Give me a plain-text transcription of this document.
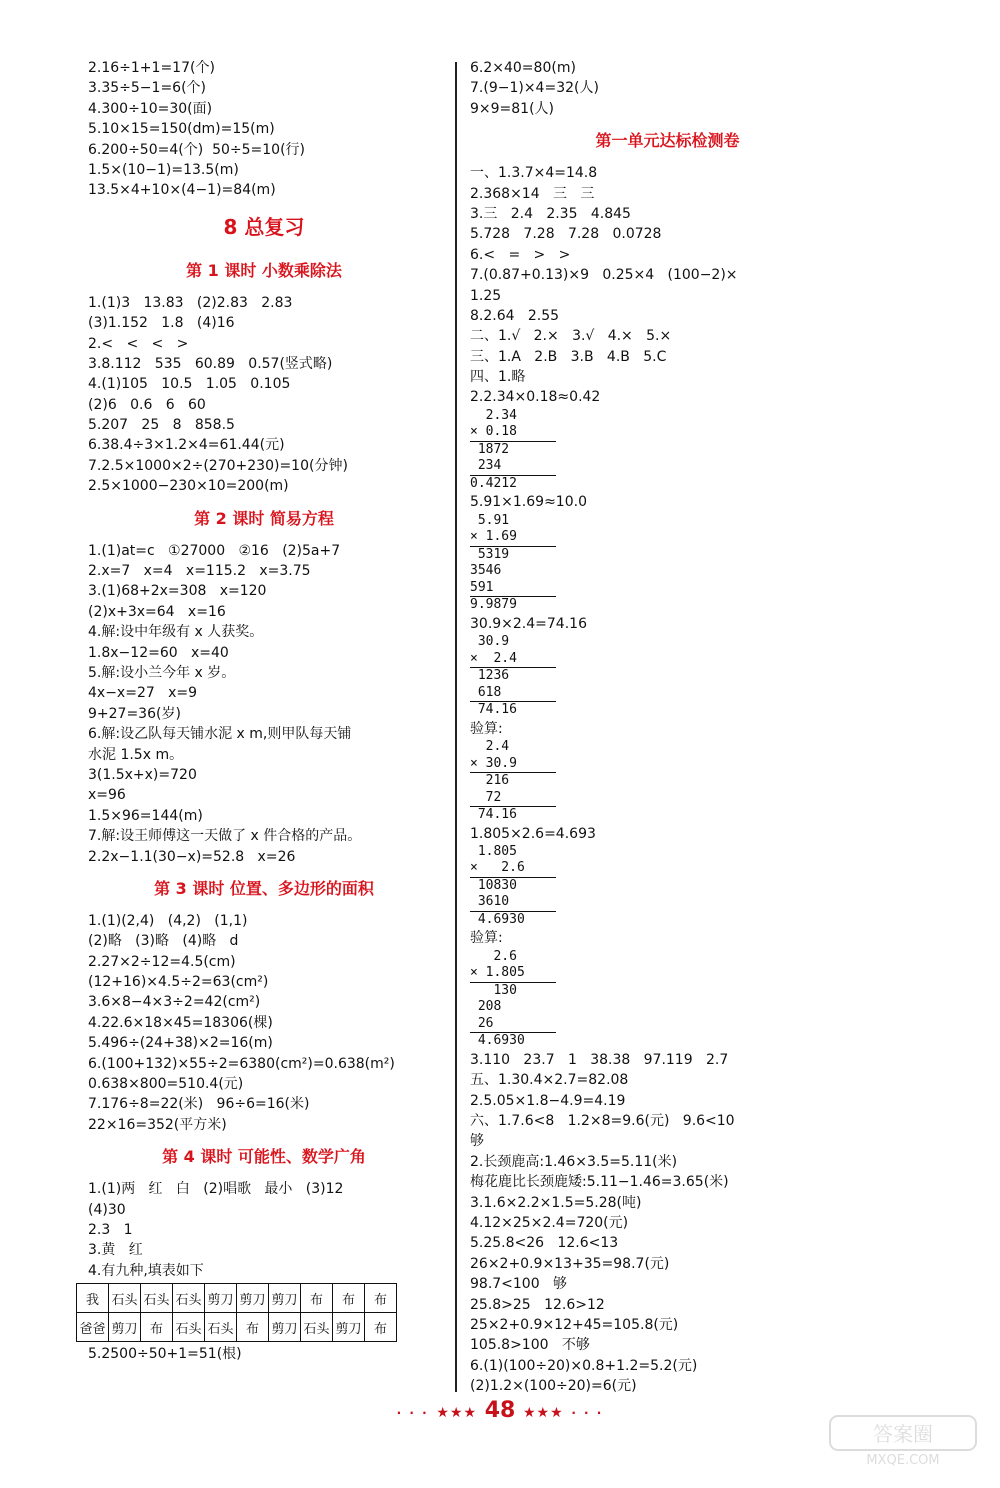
2.16÷1+1=17(个)
3.35÷5−1=6(个)
4.300÷10=30(面)
5.10×15=150(dm)=15(m)
6.200÷50=4(个)  50÷5=10(行)
1.5×(10−1)=13.5(m)
13.5×4+10×(4−1)=84(m)
8 总复习
第 1 课时 小数乘除法
1.(1)3   13.83   (2)2.83   2.83
(3)1.152   1.8   (4)16
2.<   <   <   >
3.8.112   535   60.89   0.57(竖式略)
4.(1)105   10.5   1.05   0.105
(2)6   0.6   6   60
5.207   25   8   858.5
6.38.4÷3×1.2×4=61.44(元)
7.2.5×1000×2÷(270+230)=10(分钟)
2.5×1000−230×10=200(m)
第 2 课时 简易方程
1.(1)at=c   ①27000   ②16   (2)5a+7
2.x=7   x=4   x=115.2   x=3.75
3.(1)68+2x=308   x=120
(2)x+3x=64   x=16
4.解:设中年级有 x 人获奖。
1.8x−12=60   x=40
5.解:设小兰今年 x 岁。
4x−x=27   x=9
9+27=36(岁)
6.解:设乙队每天铺水泥 x m,则甲队每天铺
水泥 1.5x m。
3(1.5x+x)=720
x=96
1.5×96=144(m)
7.解:设王师傅这一天做了 x 件合格的产品。
2.2x−1.1(30−x)=52.8   x=26
第 3 课时 位置、多边形的面积
1.(1)(2,4)   (4,2)   (1,1)
(2)略   (3)略   (4)略   d
2.27×2÷12=4.5(cm)
(12+16)×4.5÷2=63(cm²)
3.6×8−4×3÷2=42(cm²)
4.22.6×18×45=18306(棵)
5.496÷(24+38)×2=16(m)
6.(100+132)×55÷2=6380(cm²)=0.638(m²)
0.638×800=510.4(元)
7.176÷8=22(米)   96÷6=16(米)
22×16=352(平方米)
第 4 课时 可能性、数学广角
1.(1)两   红   白   (2)唱歌   最小   (3)12
(4)30
2.3   1
3.黄   红
4.有九种,填表如下
我	石头	石头	石头	剪刀	剪刀	剪刀	布	布	布
爸爸	剪刀	布	石头	石头	布	剪刀	石头	剪刀	布
5.2500÷50+1=51(根)
6.2×40=80(m)
7.(9−1)×4=32(人)
9×9=81(人)
第一单元达标检测卷
一、1.3.7×4=14.8
2.368×14   三   三
3.三   2.4   2.35   4.845
5.728   7.28   7.28   0.0728
6.<   =   >   >
7.(0.87+0.13)×9   0.25×4   (100−2)×
1.25
8.2.64   2.55
二、1.√   2.×   3.√   4.×   5.×
三、1.A   2.B   3.B   4.B   5.C
四、1.略
2.2.34×0.18≈0.42
2.34
× 0.18
1872
234
0.4212
5.91×1.69≈10.0
5.91
× 1.69
5319
3546
591
9.9879
30.9×2.4=74.16
30.9
×  2.4
1236
618
74.16
验算:
2.4
× 30.9
216
72
74.16
1.805×2.6=4.693
1.805
×   2.6
10830
3610
4.6930
验算:
2.6
× 1.805
130
208
26
4.6930
3.110   23.7   1   38.38   97.119   2.7
五、1.30.4×2.7=82.08
2.5.05×1.8−4.9=4.19
六、1.7.6<8   1.2×8=9.6(元)   9.6<10
够
2.长颈鹿高:1.46×3.5=5.11(米)
梅花鹿比长颈鹿矮:5.11−1.46=3.65(米)
3.1.6×2.2×1.5=5.28(吨)
4.12×25×2.4=720(元)
5.25.8<26   12.6<13
26×2+0.9×13+35=98.7(元)
98.7<100   够
25.8>25   12.6>12
25×2+0.9×12+45=105.8(元)
105.8>100   不够
6.(1)(100÷20)×0.8+1.2=5.2(元)
(2)1.2×(100÷20)=6(元)
· · · ★★★ 48 ★★★ · · ·
MXQE.COM
答案圈
